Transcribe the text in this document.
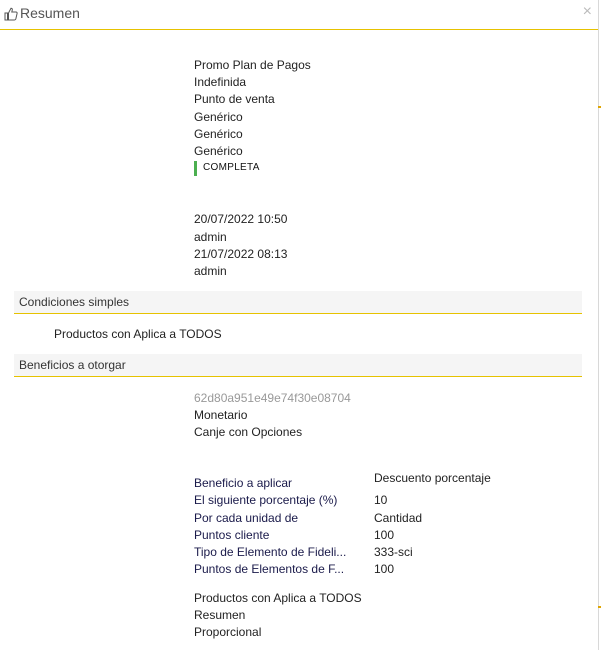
Resumen	×
Promo Plan de Pagos
Indefinida
Punto de venta
Genérico
Genérico
Genérico
COMPLETA
20/07/2022 10:50
admin
21/07/2022 08:13
admin
Condiciones simples
Productos con Aplica a TODOS
Beneficios a otorgar
62d80a951e49e74f30e08704
Monetario
Canje con Opciones
Beneficio a aplicar	Descuento porcentaje
El siguiente porcentaje (%)	10
Por cada unidad de	Cantidad
Puntos cliente	100
Tipo de Elemento de Fideli... 333-sci
Puntos de Elementos de F... 100
Productos con Aplica a TODOS
Resumen
Proporcional
